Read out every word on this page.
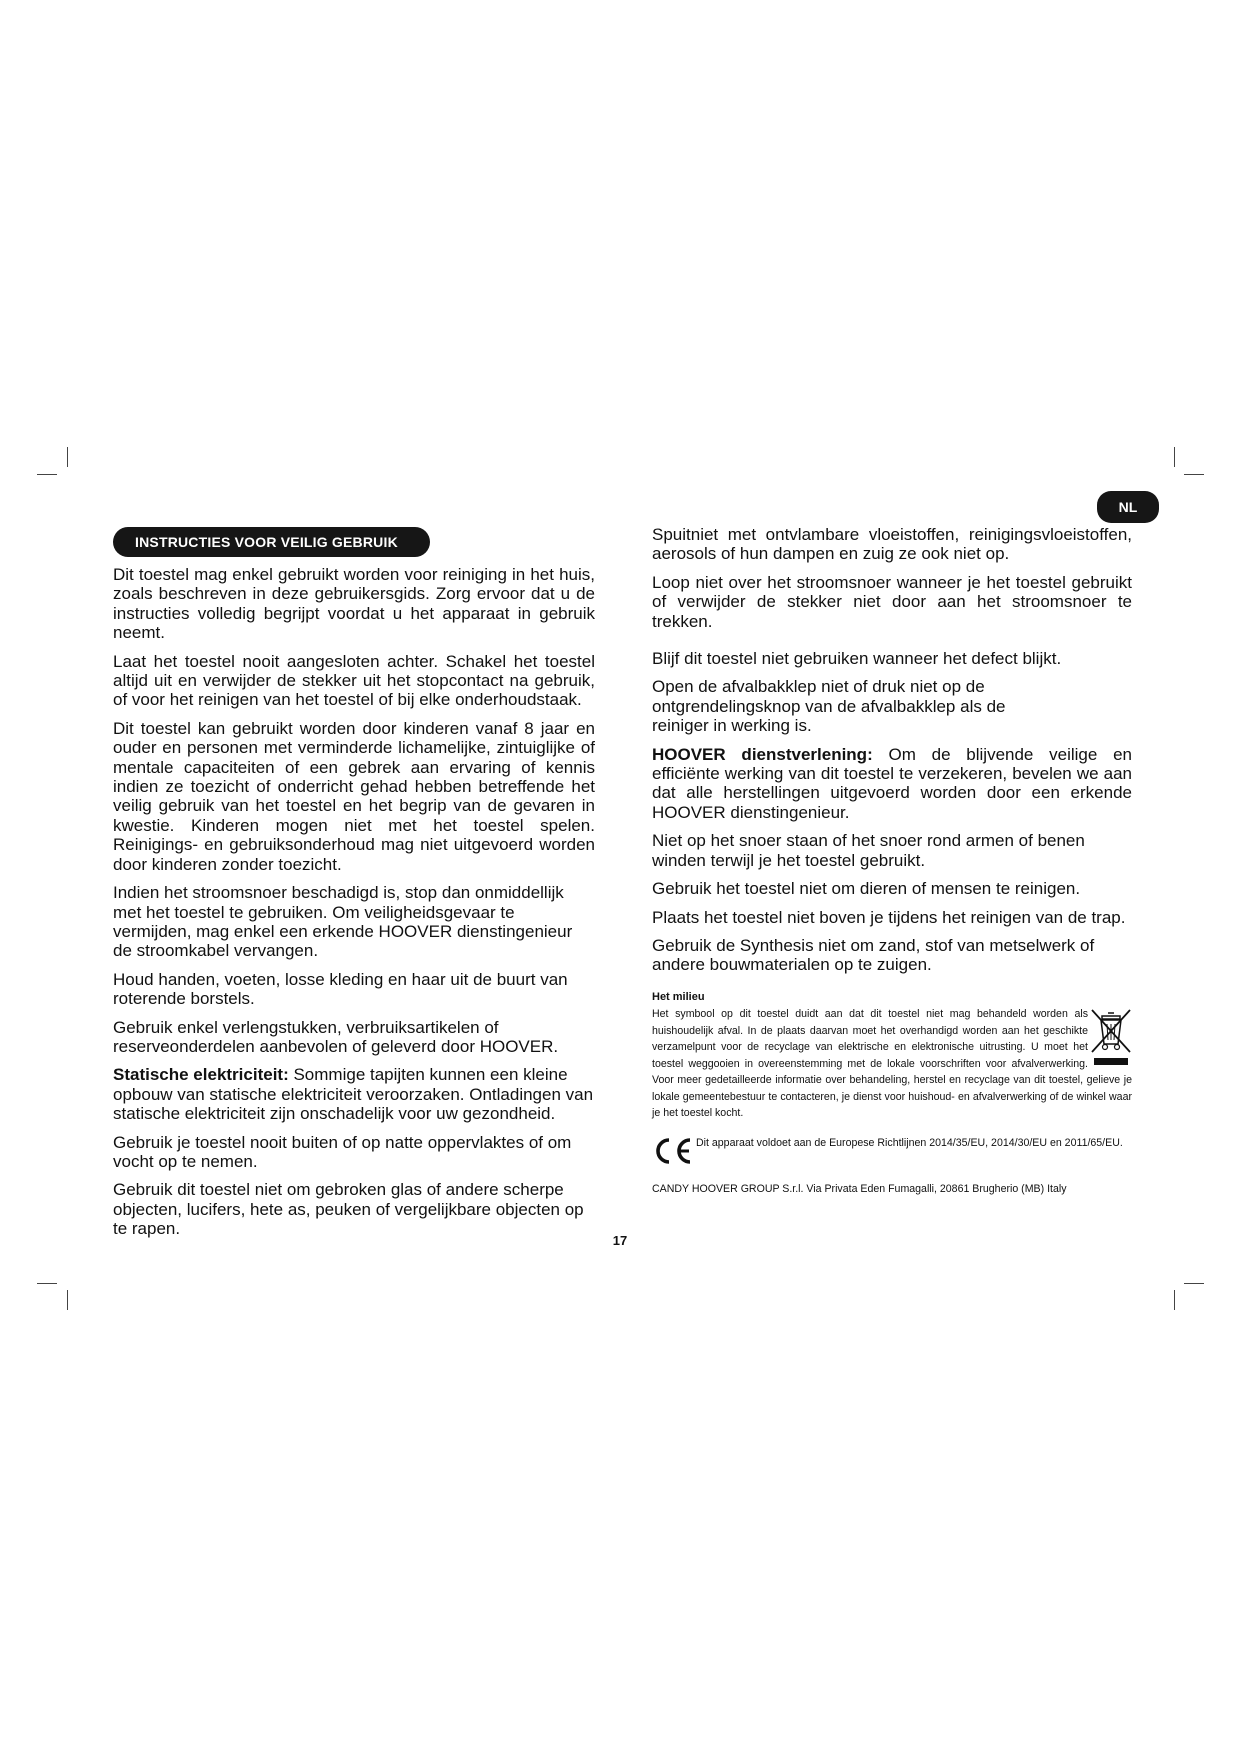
INSTRUCTIES VOOR VEILIG GEBRUIK
NL

Dit toestel mag enkel gebruikt worden voor reiniging in het huis, zoals beschreven in deze gebruikersgids. Zorg ervoor dat u de instructies volledig begrijpt voordat u het apparaat in gebruik neemt.

Laat het toestel nooit aangesloten achter. Schakel het toestel altijd uit en verwijder de stekker uit het stopcontact na gebruik, of voor het reinigen van het toestel of bij elke onderhoudstaak.

Dit toestel kan gebruikt worden door kinderen vanaf 8 jaar en ouder en personen met verminderde lichamelijke, zintuiglijke of mentale capaciteiten of een gebrek aan ervaring of kennis indien ze toezicht of onderricht gehad hebben betreffende het veilig gebruik van het toestel en het begrip van de gevaren in kwestie. Kinderen mogen niet met het toestel spelen. Reinigings- en gebruiksonderhoud mag niet uitgevoerd worden door kinderen zonder toezicht.

Indien het stroomsnoer beschadigd is, stop dan onmiddellijk met het toestel te gebruiken. Om veiligheidsgevaar te vermijden, mag enkel een erkende HOOVER dienstingenieur de stroomkabel vervangen.

Houd handen, voeten, losse kleding en haar uit de buurt van roterende borstels.

Gebruik enkel verlengstukken, verbruiksartikelen of reserveonderdelen aanbevolen of geleverd door HOOVER.

Statische elektriciteit: Sommige tapijten kunnen een kleine opbouw van statische elektriciteit veroorzaken. Ontladingen van statische elektriciteit zijn onschadelijk voor uw gezondheid.

Gebruik je toestel nooit buiten of op natte oppervlaktes of om vocht op te nemen.

Gebruik dit toestel niet om gebroken glas of andere scherpe objecten, lucifers, hete as, peuken of vergelijkbare objecten op te rapen.

Spuitniet met ontvlambare vloeistoffen, reinigingsvloeistoffen, aerosols of hun dampen en zuig ze ook niet op.

Loop niet over het stroomsnoer wanneer je het toestel gebruikt of verwijder de stekker niet door aan het stroomsnoer te trekken.

Blijf dit toestel niet gebruiken wanneer het defect blijkt.

Open de afvalbakklep niet of druk niet op de ontgrendelingsknop van de afvalbakklep als de reiniger in werking is.

HOOVER dienstverlening: Om de blijvende veilige en efficiënte werking van dit toestel te verzekeren, bevelen we aan dat alle herstellingen uitgevoerd worden door een erkende HOOVER dienstingenieur.

Niet op het snoer staan of het snoer rond armen of benen winden terwijl je het toestel gebruikt.

Gebruik het toestel niet om dieren of mensen te reinigen.

Plaats het toestel niet boven je tijdens het reinigen van de trap.

Gebruik de Synthesis niet om zand, stof van metselwerk of andere bouwmaterialen op te zuigen.

Het milieu
Het symbool op dit toestel duidt aan dat dit toestel niet mag behandeld worden als huishoudelijk afval. In de plaats daarvan moet het overhandigd worden aan het geschikte verzamelpunt voor de recyclage van elektrische en elektronische uitrusting. U moet het toestel weggooien in overeenstemming met de lokale voorschriften voor afvalverwerking. Voor meer gedetailleerde informatie over behandeling, herstel en recyclage van dit toestel, gelieve je lokale gemeentebestuur te contacteren, je dienst voor huishoud- en afvalverwerking of de winkel waar je het toestel kocht.
Dit apparaat voldoet aan de Europese Richtlijnen 2014/35/EU, 2014/30/EU en 2011/65/EU.
CANDY HOOVER GROUP S.r.l. Via Privata Eden Fumagalli, 20861 Brugherio (MB) Italy
17
